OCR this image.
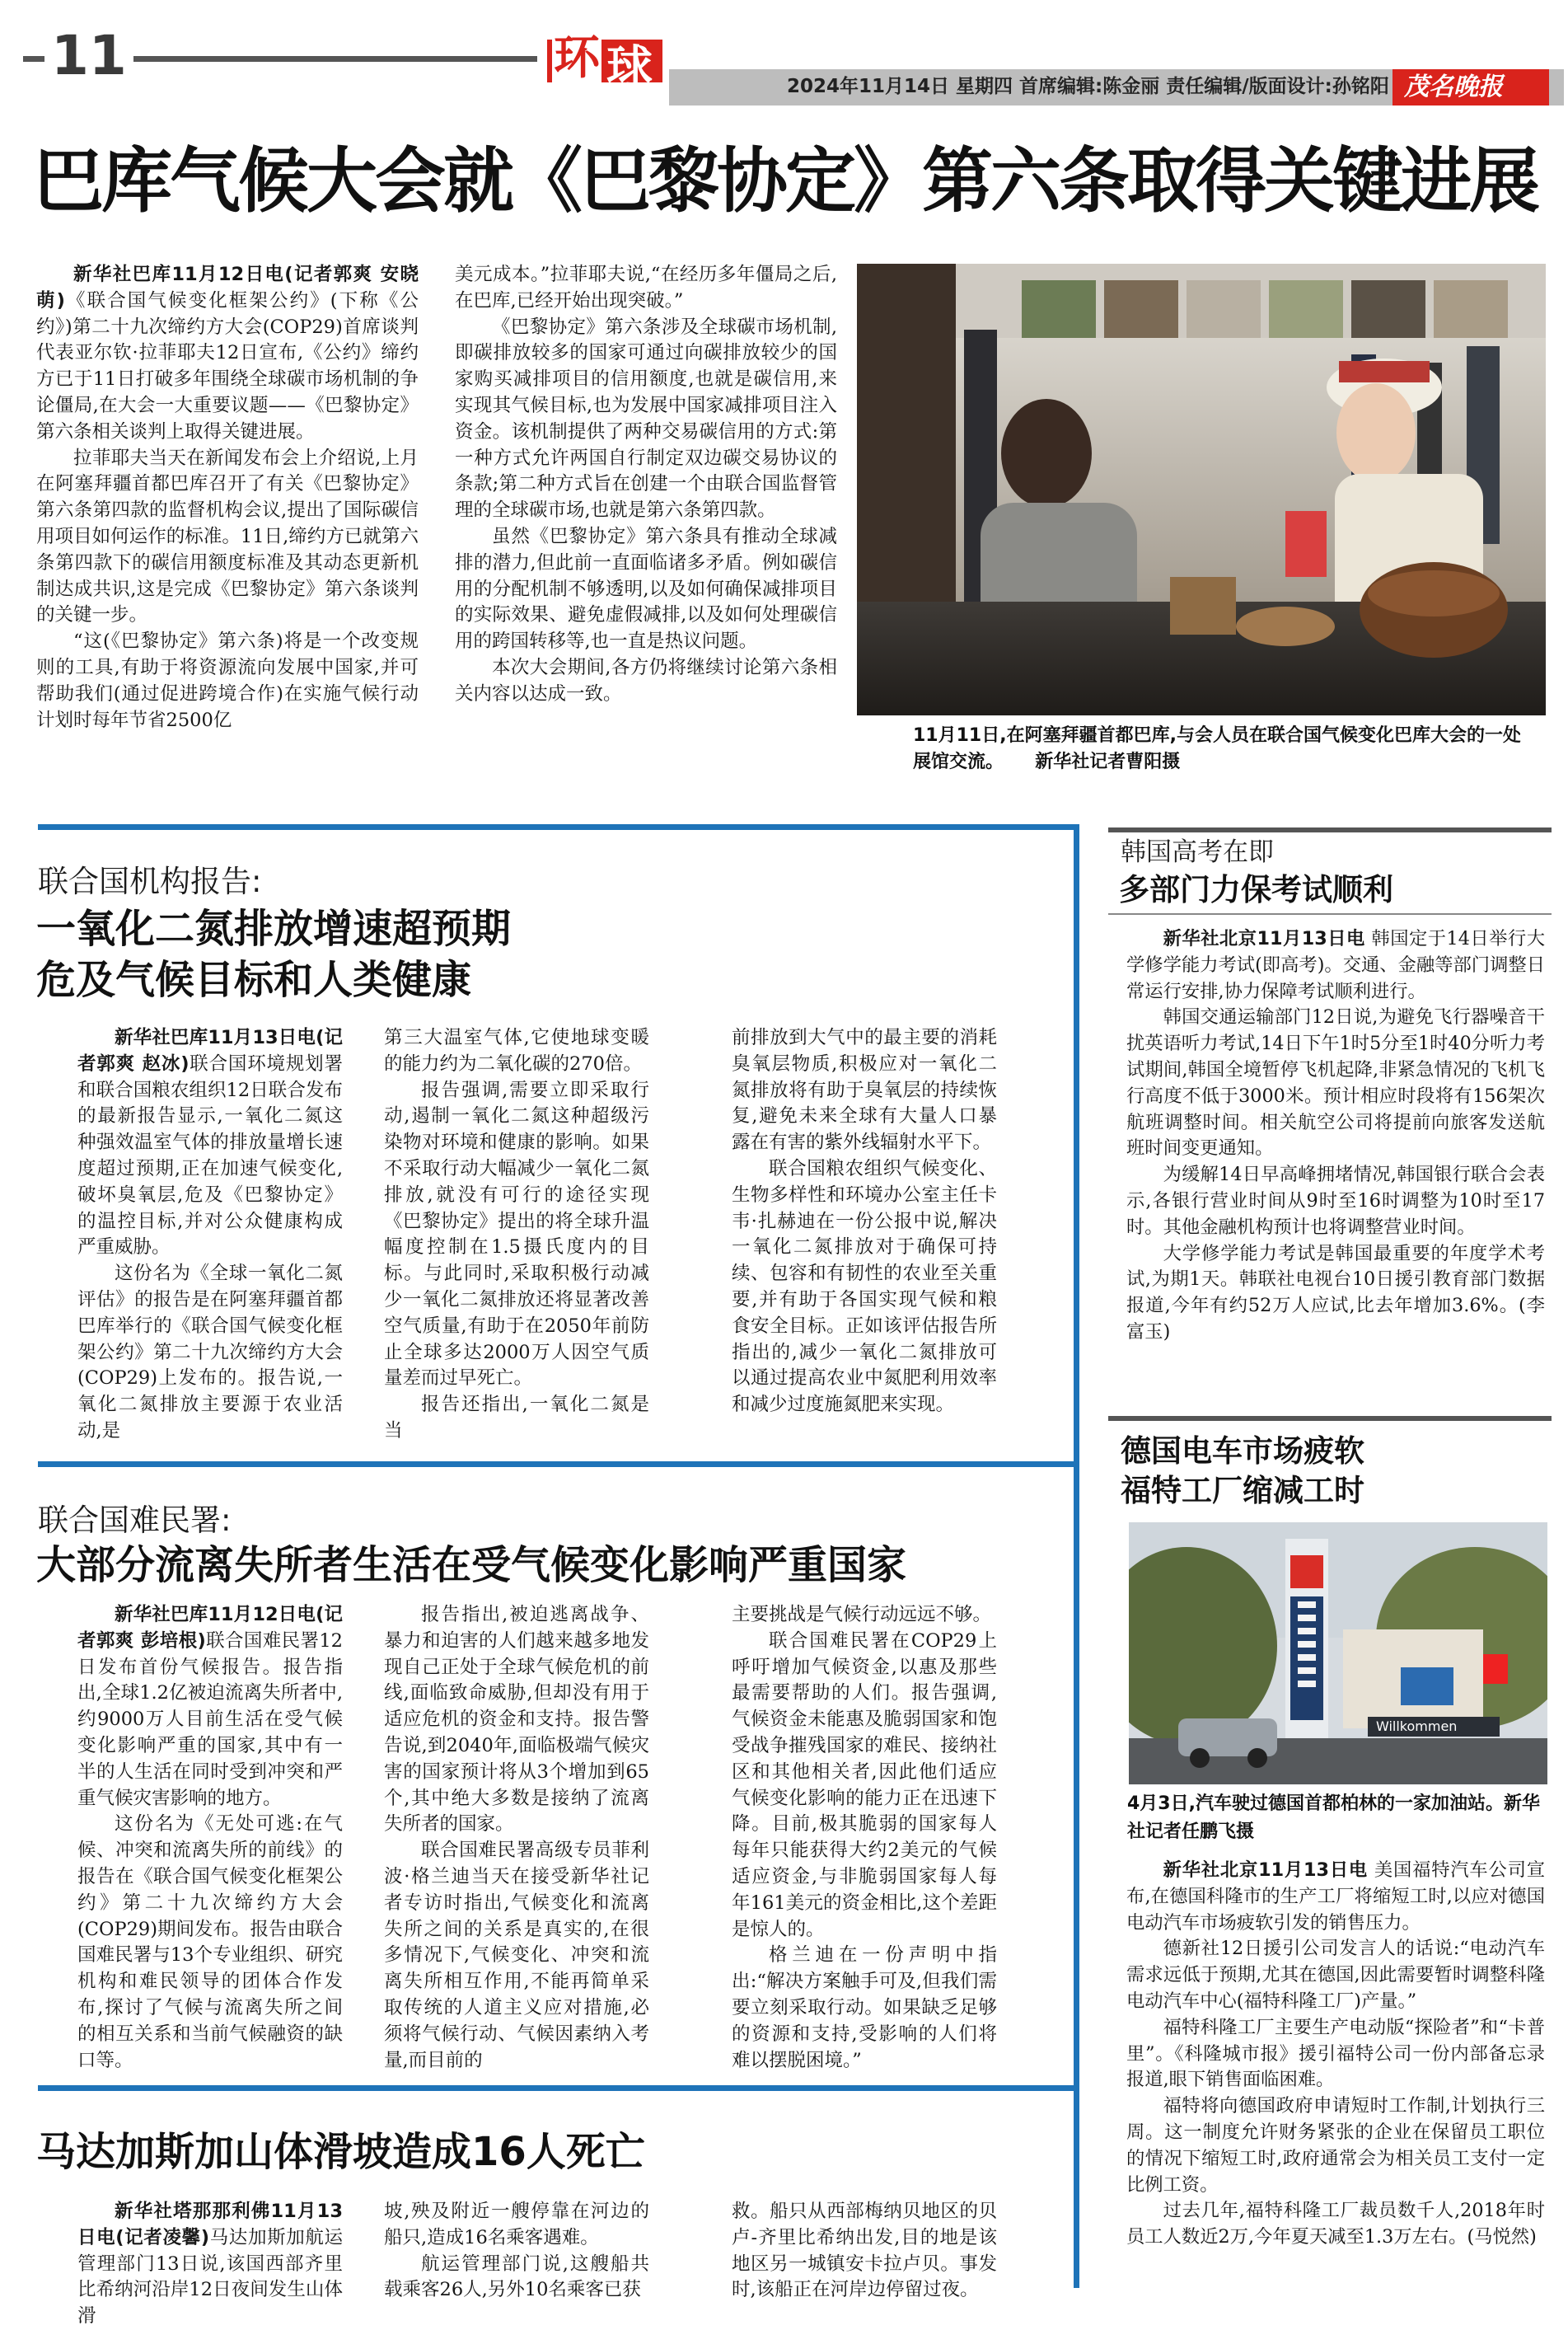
11	环 球	2024年11月14日 星期四 首席编辑:陈金丽 责任编辑/版面设计:孙铭阳 茂名晚报
巴库气候大会就《巴黎协定》第六条取得关键进展

新华社巴库11月12日电(记者郭爽 安晓萌)《联合国气候变化框架公约》(下称《公约》)第二十九次缔约方大会(COP29)首席谈判代表亚尔钦·拉菲耶夫12日宣布,《公约》缔约方已于11日打破多年围绕全球碳市场机制的争论僵局,在大会一大重要议题——《巴黎协定》第六条相关谈判上取得关键进展。

拉菲耶夫当天在新闻发布会上介绍说,上月在阿塞拜疆首都巴库召开了有关《巴黎协定》第六条第四款的监督机构会议,提出了国际碳信用项目如何运作的标准。11日,缔约方已就第六条第四款下的碳信用额度标准及其动态更新机制达成共识,这是完成《巴黎协定》第六条谈判的关键一步。

“这(《巴黎协定》第六条)将是一个改变规则的工具,有助于将资源流向发展中国家,并可帮助我们(通过促进跨境合作)在实施气候行动计划时每年节省2500亿

美元成本。”拉菲耶夫说,“在经历多年僵局之后,在巴库,已经开始出现突破。”

《巴黎协定》第六条涉及全球碳市场机制,即碳排放较多的国家可通过向碳排放较少的国家购买减排项目的信用额度,也就是碳信用,来实现其气候目标,也为发展中国家减排项目注入资金。该机制提供了两种交易碳信用的方式:第一种方式允许两国自行制定双边碳交易协议的条款;第二种方式旨在创建一个由联合国监督管理的全球碳市场,也就是第六条第四款。

虽然《巴黎协定》第六条具有推动全球减排的潜力,但此前一直面临诸多矛盾。例如碳信用的分配机制不够透明,以及如何确保减排项目的实际效果、避免虚假减排,以及如何处理碳信用的跨国转移等,也一直是热议问题。

本次大会期间,各方仍将继续讨论第六条相关内容以达成一致。

11月11日,在阿塞拜疆首都巴库,与会人员在联合国气候变化巴库大会的一处展馆交流。     新华社记者曹阳摄
联合国机构报告:
一氧化二氮排放增速超预期
危及气候目标和人类健康

新华社巴库11月13日电(记者郭爽 赵冰)联合国环境规划署和联合国粮农组织12日联合发布的最新报告显示,一氧化二氮这种强效温室气体的排放量增长速度超过预期,正在加速气候变化,破坏臭氧层,危及《巴黎协定》的温控目标,并对公众健康构成严重威胁。

这份名为《全球一氧化二氮评估》的报告是在阿塞拜疆首都巴库举行的《联合国气候变化框架公约》第二十九次缔约方大会(COP29)上发布的。报告说,一氧化二氮排放主要源于农业活动,是

第三大温室气体,它使地球变暖的能力约为二氧化碳的270倍。

报告强调,需要立即采取行动,遏制一氧化二氮这种超级污染物对环境和健康的影响。如果不采取行动大幅减少一氧化二氮排放,就没有可行的途径实现《巴黎协定》提出的将全球升温幅度控制在1.5摄氏度内的目标。与此同时,采取积极行动减少一氧化二氮排放还将显著改善空气质量,有助于在2050年前防止全球多达2000万人因空气质量差而过早死亡。

报告还指出,一氧化二氮是当

前排放到大气中的最主要的消耗臭氧层物质,积极应对一氧化二氮排放将有助于臭氧层的持续恢复,避免未来全球有大量人口暴露在有害的紫外线辐射水平下。

联合国粮农组织气候变化、生物多样性和环境办公室主任卡韦·扎赫迪在一份公报中说,解决一氧化二氮排放对于确保可持续、包容和有韧性的农业至关重要,并有助于各国实现气候和粮食安全目标。正如该评估报告所指出的,减少一氧化二氮排放可以通过提高农业中氮肥利用效率和减少过度施氮肥来实现。

联合国难民署:
大部分流离失所者生活在受气候变化影响严重国家

新华社巴库11月12日电(记者郭爽 彭培根)联合国难民署12日发布首份气候报告。报告指出,全球1.2亿被迫流离失所者中,约9000万人目前生活在受气候变化影响严重的国家,其中有一半的人生活在同时受到冲突和严重气候灾害影响的地方。

这份名为《无处可逃:在气候、冲突和流离失所的前线》的报告在《联合国气候变化框架公约》第二十九次缔约方大会(COP29)期间发布。报告由联合国难民署与13个专业组织、研究机构和难民领导的团体合作发布,探讨了气候与流离失所之间的相互关系和当前气候融资的缺口等。

报告指出,被迫逃离战争、暴力和迫害的人们越来越多地发现自己正处于全球气候危机的前线,面临致命威胁,但却没有用于适应危机的资金和支持。报告警告说,到2040年,面临极端气候灾害的国家预计将从3个增加到65个,其中绝大多数是接纳了流离失所者的国家。

联合国难民署高级专员菲利波·格兰迪当天在接受新华社记者专访时指出,气候变化和流离失所之间的关系是真实的,在很多情况下,气候变化、冲突和流离失所相互作用,不能再简单采取传统的人道主义应对措施,必须将气候行动、气候因素纳入考量,而目前的

主要挑战是气候行动远远不够。

联合国难民署在COP29上呼吁增加气候资金,以惠及那些最需要帮助的人们。报告强调,气候资金未能惠及脆弱国家和饱受战争摧残国家的难民、接纳社区和其他相关者,因此他们适应气候变化影响的能力正在迅速下降。目前,极其脆弱的国家每人每年只能获得大约2美元的气候适应资金,与非脆弱国家每人每年161美元的资金相比,这个差距是惊人的。

格兰迪在一份声明中指出:“解决方案触手可及,但我们需要立刻采取行动。如果缺乏足够的资源和支持,受影响的人们将难以摆脱困境。”

马达加斯加山体滑坡造成16人死亡

新华社塔那那利佛11月13日电(记者凌馨)马达加斯加航运管理部门13日说,该国西部齐里比希纳河沿岸12日夜间发生山体滑

坡,殃及附近一艘停靠在河边的船只,造成16名乘客遇难。

航运管理部门说,这艘船共载乘客26人,另外10名乘客已获

救。船只从西部梅纳贝地区的贝卢-齐里比希纳出发,目的地是该地区另一城镇安卡拉卢贝。事发时,该船正在河岸边停留过夜。

韩国高考在即
多部门力保考试顺利

新华社北京11月13日电 韩国定于14日举行大学修学能力考试(即高考)。交通、金融等部门调整日常运行安排,协力保障考试顺利进行。

韩国交通运输部门12日说,为避免飞行器噪音干扰英语听力考试,14日下午1时5分至1时40分听力考试期间,韩国全境暂停飞机起降,非紧急情况的飞机飞行高度不低于3000米。预计相应时段将有156架次航班调整时间。相关航空公司将提前向旅客发送航班时间变更通知。

为缓解14日早高峰拥堵情况,韩国银行联合会表示,各银行营业时间从9时至16时调整为10时至17时。其他金融机构预计也将调整营业时间。

大学修学能力考试是韩国最重要的年度学术考试,为期1天。韩联社电视台10日援引教育部门数据报道,今年有约52万人应试,比去年增加3.6%。(李富玉)

德国电车市场疲软
福特工厂缩减工时
Willkommen
4月3日,汽车驶过德国首都柏林的一家加油站。新华社记者任鹏飞摄

新华社北京11月13日电 美国福特汽车公司宣布,在德国科隆市的生产工厂将缩短工时,以应对德国电动汽车市场疲软引发的销售压力。

德新社12日援引公司发言人的话说:“电动汽车需求远低于预期,尤其在德国,因此需要暂时调整科隆电动汽车中心(福特科隆工厂)产量。”

福特科隆工厂主要生产电动版“探险者”和“卡普里”。《科隆城市报》援引福特公司一份内部备忘录报道,眼下销售面临困难。

福特将向德国政府申请短时工作制,计划执行三周。这一制度允许财务紧张的企业在保留员工职位的情况下缩短工时,政府通常会为相关员工支付一定比例工资。

过去几年,福特科隆工厂裁员数千人,2018年时员工人数近2万,今年夏天减至1.3万左右。(马悦然)
